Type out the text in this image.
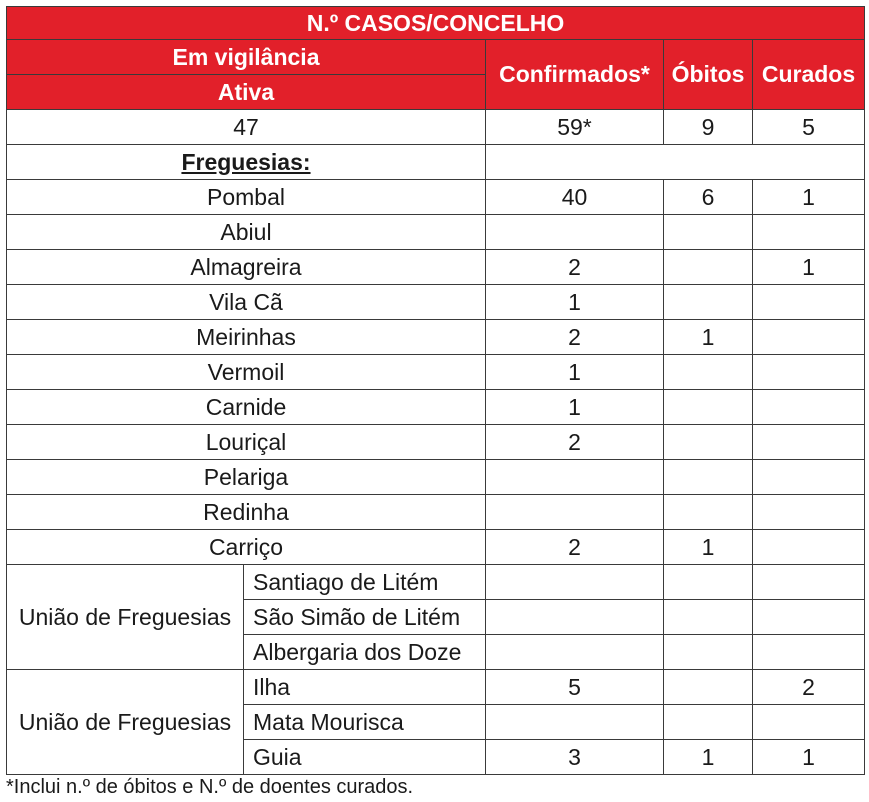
N.º CASOS/CONCELHO				
Em vigilância		Confirmados*	Óbitos	Curados
Ativa				
47		59*	9	5
Freguesias:				
Pombal		40	6	1
Abiul				
Almagreira		2		1
Vila Cã		1		
Meirinhas		2	1	
Vermoil		1		
Carnide		1		
Louriçal		2		
Pelariga				
Redinha				
Carriço		2	1	
União de Freguesias	Santiago de Litém			
	São Simão de Litém			
	Albergaria dos Doze			
União de Freguesias	Ilha	5		2
	Mata Mourisca			
	Guia	3	1	1
*Inclui n.º de óbitos e N.º de doentes curados.
